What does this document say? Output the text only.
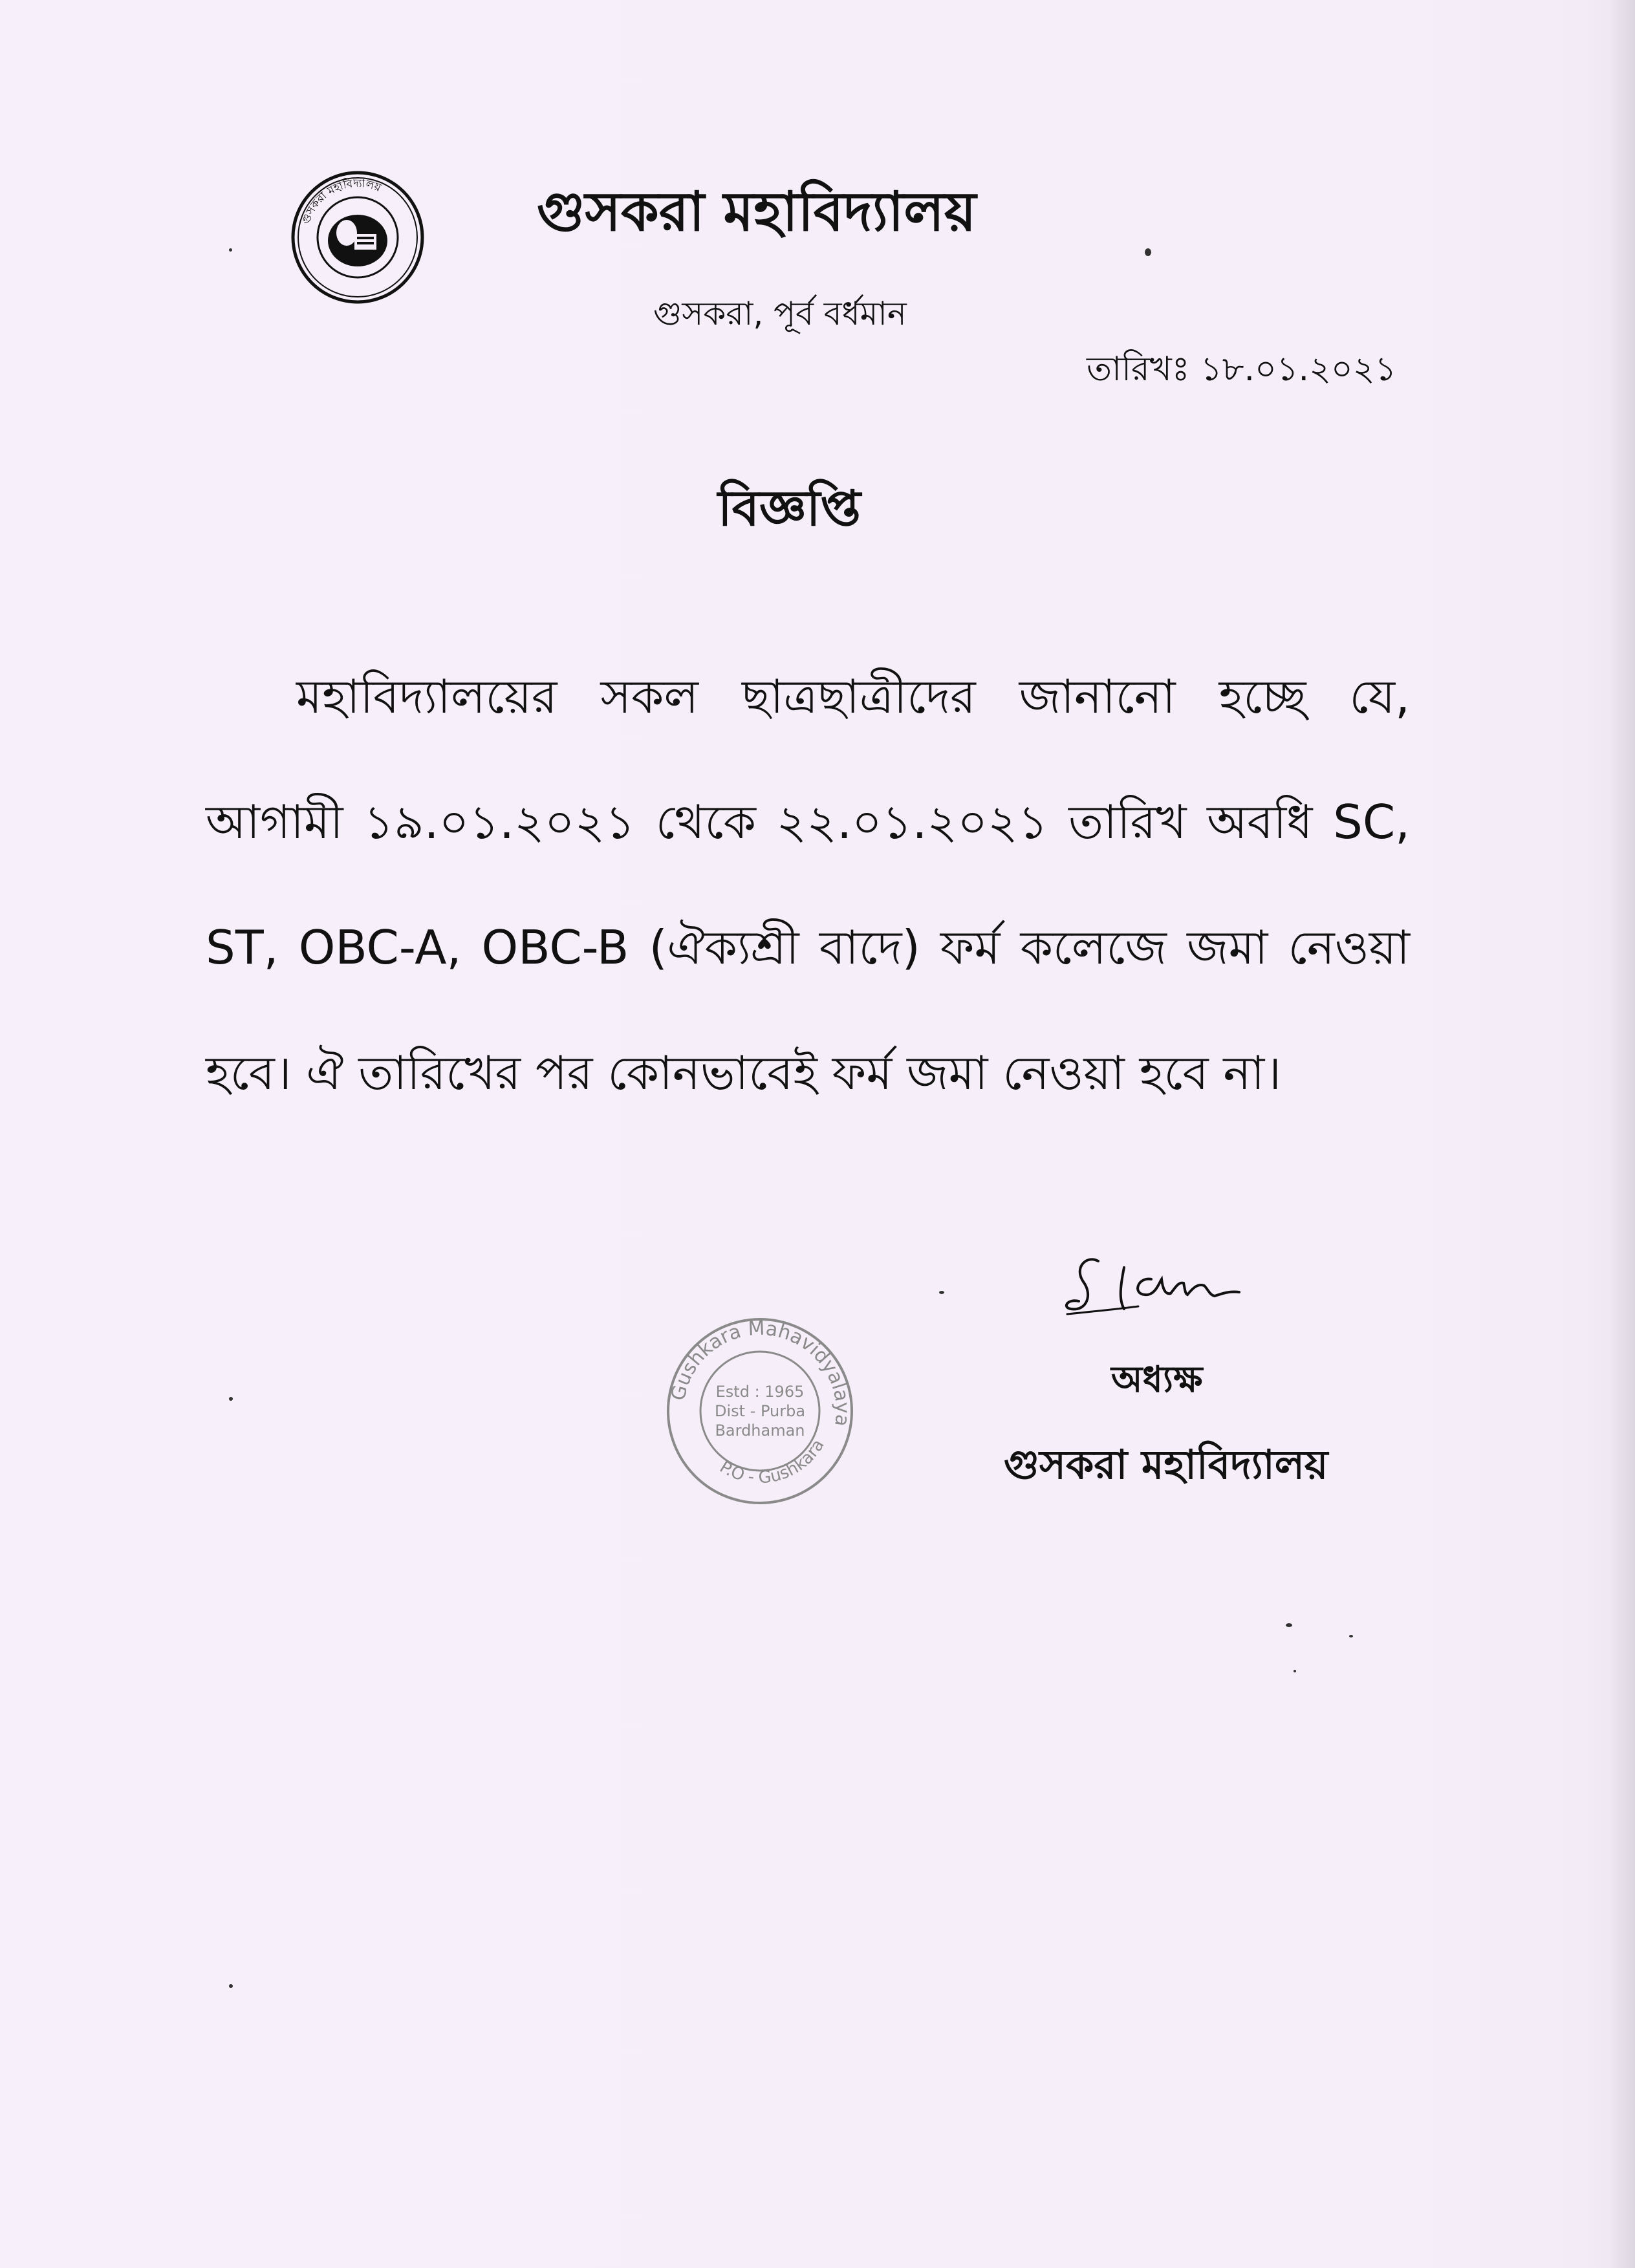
গুসকরা মহাবিদ্যালয়	গুসকরা মহাবিদ্যালয়
গুসকরা, পূর্ব বর্ধমান
তারিখঃ ১৮.০১.২০২১
বিজ্ঞপ্তি
মহাবিদ্যালয়ের সকল ছাত্রছাত্রীদের জানানো হচ্ছে যে, আগামী ১৯.০১.২০২১ থেকে ২২.০১.২০২১ তারিখ অবধি SC, ST, OBC-A, OBC-B (ঐক্যশ্রী বাদে) ফর্ম কলেজে জমা নেওয়া হবে। ঐ তারিখের পর কোনভাবেই ফর্ম জমা নেওয়া হবে না।
অধ্যক্ষ
গুসকরা মহাবিদ্যালয়
Gushkara Mahavidyalaya
P.O - Gushkara
Estd : 1965
Dist - Purba
Bardhaman
